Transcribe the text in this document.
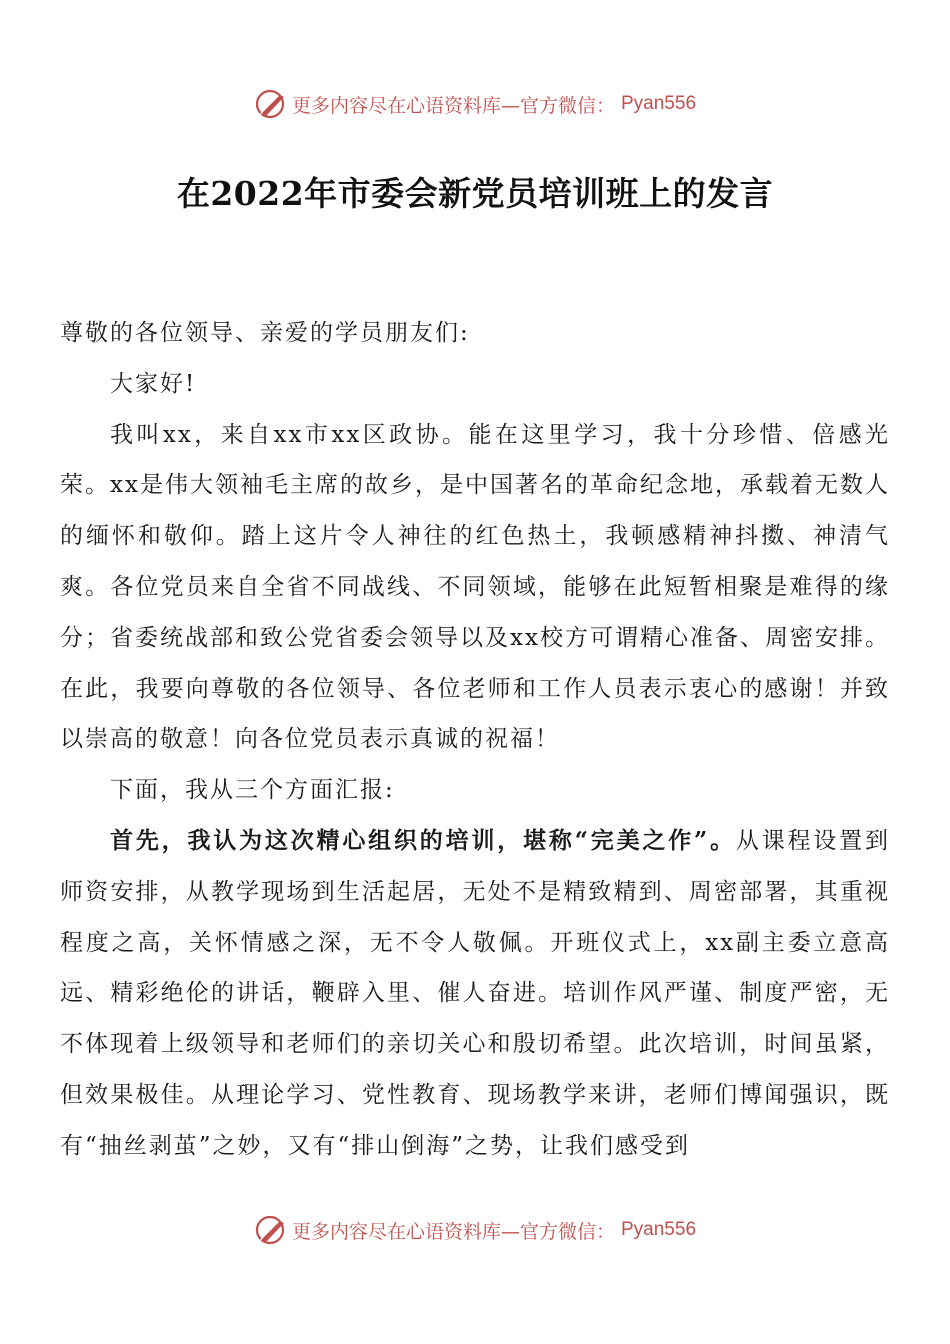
更多内容尽在心语资料库—官方微信： Pyan556
在2022年市委会新党员培训班上的发言

尊敬的各位领导、亲爱的学员朋友们:

大家好!

我叫xx，来自xx市xx区政协。能在这里学习，我十分珍惜、倍感光荣。xx是伟大领袖毛主席的故乡，是中国著名的革命纪念地，承载着无数人的缅怀和敬仰。踏上这片令人神往的红色热土，我顿感精神抖擞、神清气爽。各位党员来自全省不同战线、不同领域，能够在此短暂相聚是难得的缘分；省委统战部和致公党省委会领导以及xx校方可谓精心准备、周密安排。在此，我要向尊敬的各位领导、各位老师和工作人员表示衷心的感谢！并致以崇高的敬意！向各位党员表示真诚的祝福！

下面，我从三个方面汇报:

首先，我认为这次精心组织的培训，堪称“完美之作”。从课程设置到师资安排，从教学现场到生活起居，无处不是精致精到、周密部署，其重视程度之高，关怀情感之深，无不令人敬佩。开班仪式上，xx副主委立意高远、精彩绝伦的讲话，鞭辟入里、催人奋进。培训作风严谨、制度严密，无不体现着上级领导和老师们的亲切关心和殷切希望。此次培训，时间虽紧，但效果极佳。从理论学习、党性教育、现场教学来讲，老师们博闻强识，既有“抽丝剥茧”之妙，又有“排山倒海”之势，让我们感受到

更多内容尽在心语资料库—官方微信： Pyan556
